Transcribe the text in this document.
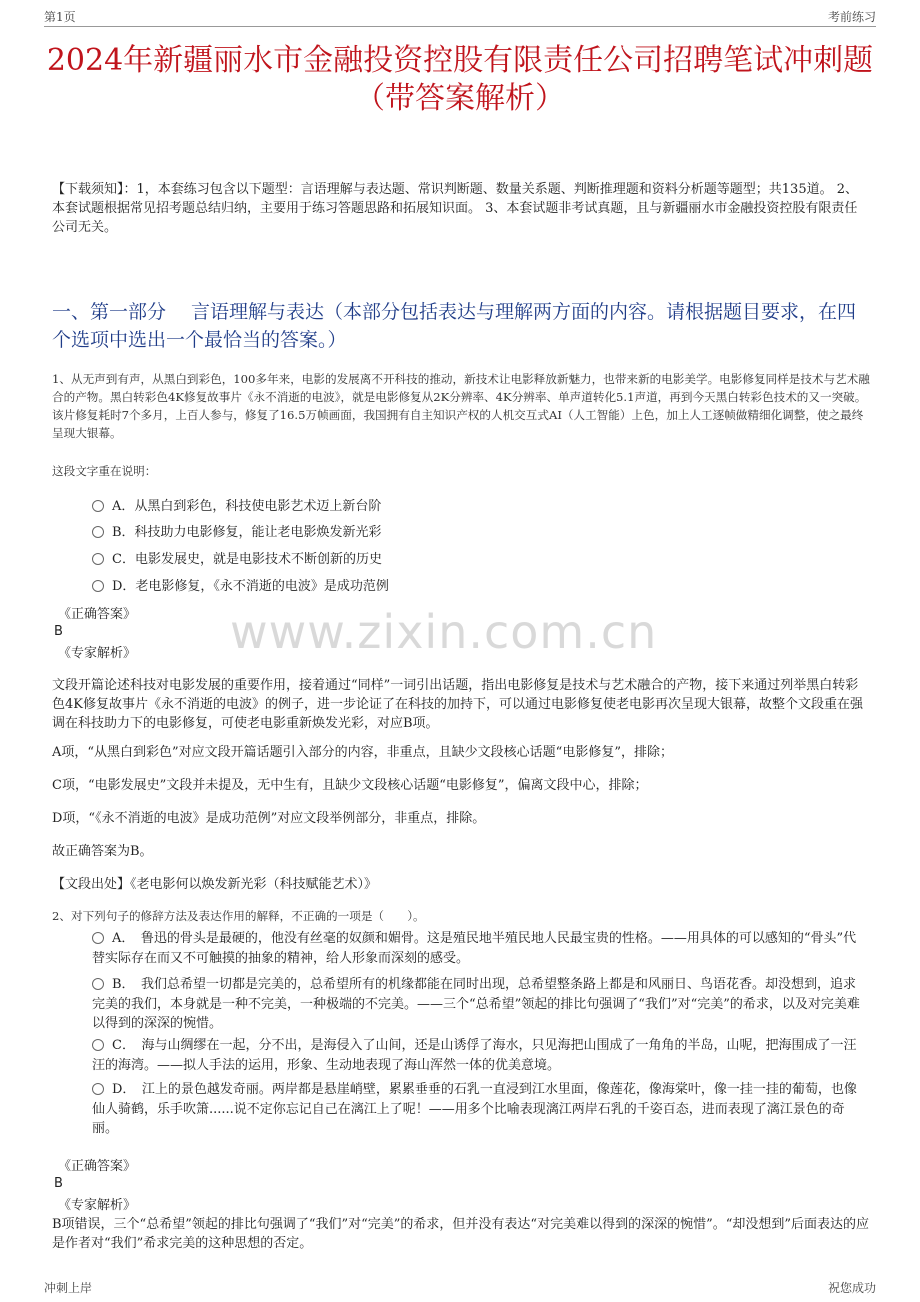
第1页	考前练习
2024年新疆丽水市金融投资控股有限责任公司招聘笔试冲刺题
（带答案解析）
【下载须知】：1，本套练习包含以下题型：言语理解与表达题、常识判断题、数量关系题、判断推理题和资料分析题等题型；共135道。 2、本套试题根据常见招考题总结归纳，主要用于练习答题思路和拓展知识面。 3、本套试题非考试真题，且与新疆丽水市金融投资控股有限责任公司无关。
一、第一部分　 言语理解与表达（本部分包括表达与理解两方面的内容。请根据题目要求，在四个选项中选出一个最恰当的答案。）
1、从无声到有声，从黑白到彩色，100多年来，电影的发展离不开科技的推动，新技术让电影释放新魅力，也带来新的电影美学。电影修复同样是技术与艺术融合的产物。黑白转彩色4K修复故事片《永不消逝的电波》，就是电影修复从2K分辨率、4K分辨率、单声道转化5.1声道，再到今天黑白转彩色技术的又一突破。该片修复耗时7个多月，上百人参与，修复了16.5万帧画面，我国拥有自主知识产权的人机交互式AI（人工智能）上色，加上人工逐帧做精细化调整，使之最终呈现大银幕。
这段文字重在说明：
A．从黑白到彩色，科技使电影艺术迈上新台阶
B．科技助力电影修复，能让老电影焕发新光彩
C．电影发展史，就是电影技术不断创新的历史
D．老电影修复，《永不消逝的电波》是成功范例
《正确答案》
B
《专家解析》 www.zixin.com.cn
文段开篇论述科技对电影发展的重要作用，接着通过“同样”一词引出话题，指出电影修复是技术与艺术融合的产物，接下来通过列举黑白转彩色4K修复故事片《永不消逝的电波》的例子，进一步论证了在科技的加持下，可以通过电影修复使老电影再次呈现大银幕，故整个文段重在强调在科技助力下的电影修复，可使老电影重新焕发光彩，对应B项。
A项，“从黑白到彩色”对应文段开篇话题引入部分的内容，非重点，且缺少文段核心话题“电影修复”，排除；
C项，“电影发展史”文段并未提及，无中生有，且缺少文段核心话题“电影修复”，偏离文段中心，排除；
D项，“《永不消逝的电波》是成功范例”对应文段举例部分，非重点，排除。
故正确答案为B。
【文段出处】《老电影何以焕发新光彩（科技赋能艺术）》
2、对下列句子的修辞方法及表达作用的解释，不正确的一项是（　　）。
A．　鲁迅的骨头是最硬的，他没有丝毫的奴颜和媚骨。这是殖民地半殖民地人民最宝贵的性格。——用具体的可以感知的“骨头”代替实际存在而又不可触摸的抽象的精神，给人形象而深刻的感受。
B．　我们总希望一切都是完美的，总希望所有的机缘都能在同时出现，总希望整条路上都是和风丽日、鸟语花香。却没想到，追求完美的我们，本身就是一种不完美，一种极端的不完美。——三个“总希望”领起的排比句强调了“我们”对“完美”的希求，以及对完美难以得到的深深的惋惜。
C．　海与山绸缪在一起，分不出，是海侵入了山间，还是山诱俘了海水，只见海把山围成了一角角的半岛，山呢，把海围成了一汪汪的海湾。——拟人手法的运用，形象、生动地表现了海山浑然一体的优美意境。
D．　江上的景色越发奇丽。两岸都是悬崖峭壁，累累垂垂的石乳一直浸到江水里面，像莲花，像海棠叶，像一挂一挂的葡萄，也像仙人骑鹤，乐手吹箫......说不定你忘记自己在漓江上了呢！——用多个比喻表现漓江两岸石乳的千姿百态，进而表现了漓江景色的奇丽。
《正确答案》
B
《专家解析》
B项错误，三个“总希望”领起的排比句强调了“我们”对“完美”的希求，但并没有表达“对完美难以得到的深深的惋惜”。“却没想到”后面表达的应是作者对“我们”希求完美的这种思想的否定。
冲刺上岸	祝您成功
